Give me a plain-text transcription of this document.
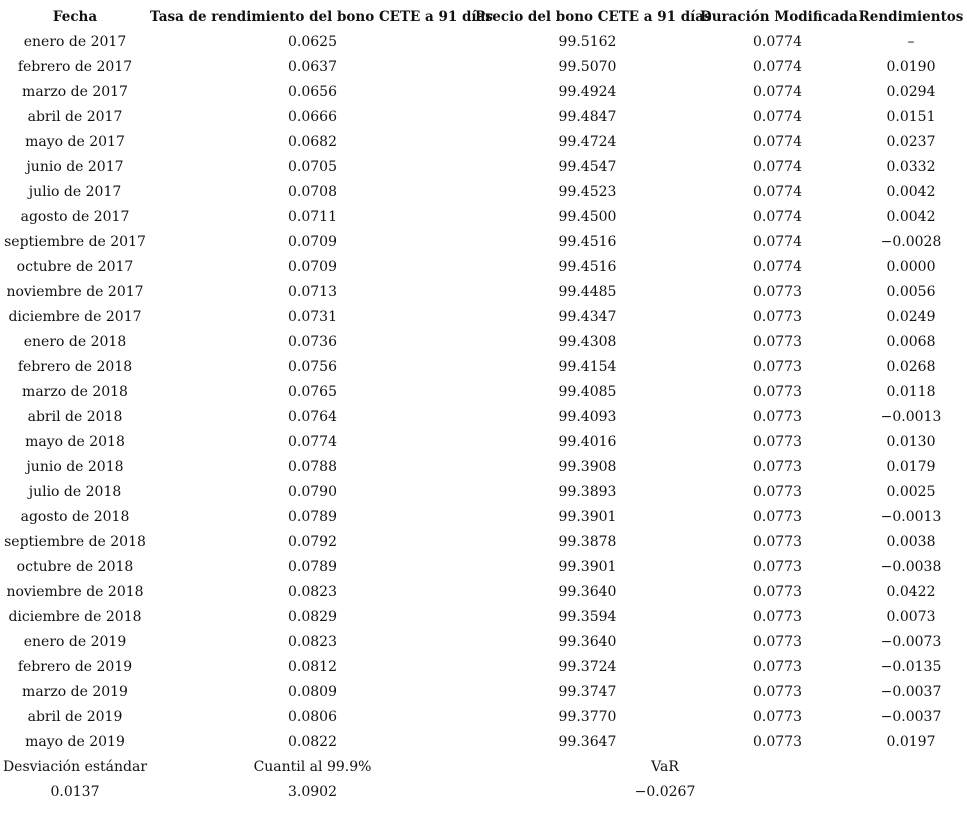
Fecha	Tasa de rendimiento del bono CETE a 91 días	Precio del bono CETE a 91 días	Duración Modificada	Rendimientos
enero de 2017	0.0625	99.5162	0.0774	–
febrero de 2017	0.0637	99.5070	0.0774	0.0190
marzo de 2017	0.0656	99.4924	0.0774	0.0294
abril de 2017	0.0666	99.4847	0.0774	0.0151
mayo de 2017	0.0682	99.4724	0.0774	0.0237
junio de 2017	0.0705	99.4547	0.0774	0.0332
julio de 2017	0.0708	99.4523	0.0774	0.0042
agosto de 2017	0.0711	99.4500	0.0774	0.0042
septiembre de 2017	0.0709	99.4516	0.0774	−0.0028
octubre de 2017	0.0709	99.4516	0.0774	0.0000
noviembre de 2017	0.0713	99.4485	0.0773	0.0056
diciembre de 2017	0.0731	99.4347	0.0773	0.0249
enero de 2018	0.0736	99.4308	0.0773	0.0068
febrero de 2018	0.0756	99.4154	0.0773	0.0268
marzo de 2018	0.0765	99.4085	0.0773	0.0118
abril de 2018	0.0764	99.4093	0.0773	−0.0013
mayo de 2018	0.0774	99.4016	0.0773	0.0130
junio de 2018	0.0788	99.3908	0.0773	0.0179
julio de 2018	0.0790	99.3893	0.0773	0.0025
agosto de 2018	0.0789	99.3901	0.0773	−0.0013
septiembre de 2018	0.0792	99.3878	0.0773	0.0038
octubre de 2018	0.0789	99.3901	0.0773	−0.0038
noviembre de 2018	0.0823	99.3640	0.0773	0.0422
diciembre de 2018	0.0829	99.3594	0.0773	0.0073
enero de 2019	0.0823	99.3640	0.0773	−0.0073
febrero de 2019	0.0812	99.3724	0.0773	−0.0135
marzo de 2019	0.0809	99.3747	0.0773	−0.0037
abril de 2019	0.0806	99.3770	0.0773	−0.0037
mayo de 2019	0.0822	99.3647	0.0773	0.0197
Desviación estándar	Cuantil al 99.9%	VaR		
0.0137	3.0902	−0.0267		
